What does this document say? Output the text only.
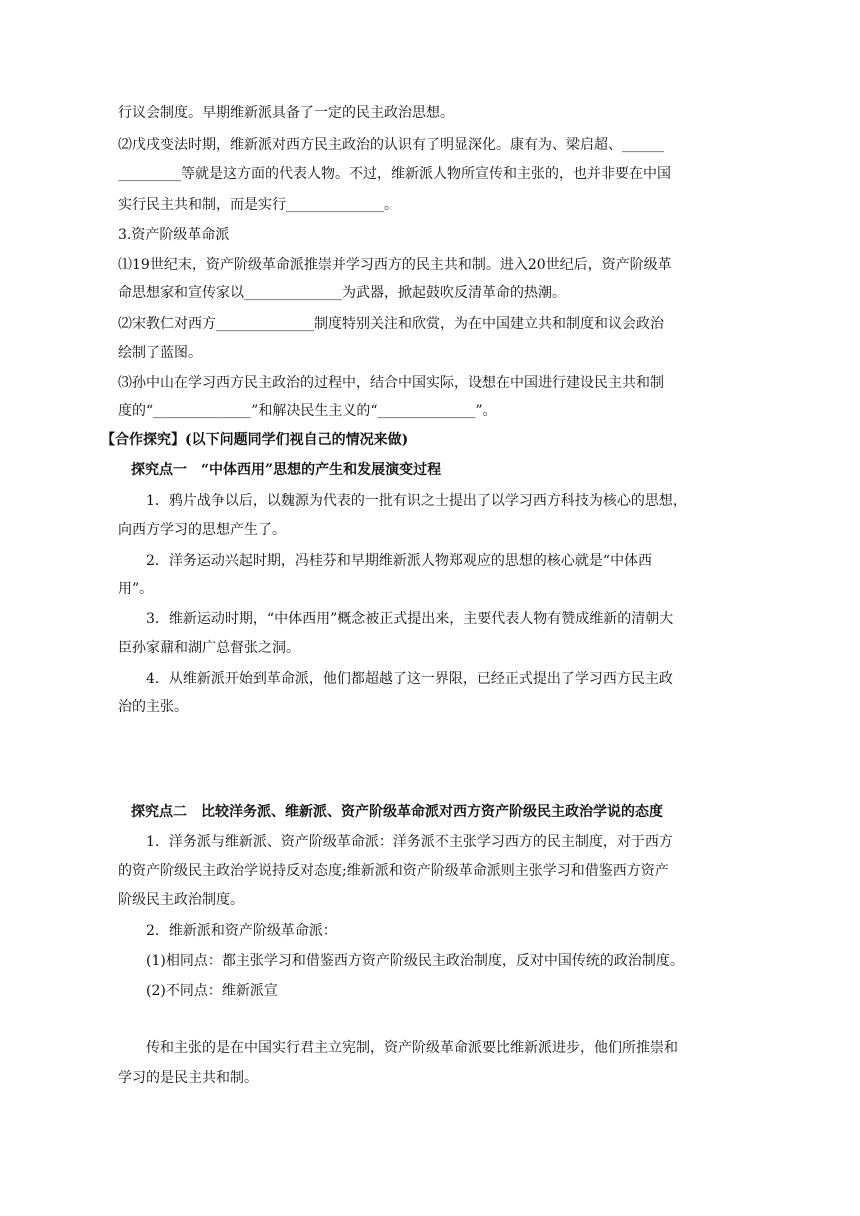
行议会制度。早期维新派具备了一定的民主政治思想。
⑵戊戌变法时期，维新派对西方民主政治的认识有了明显深化。康有为、梁启超、______
_________等就是这方面的代表人物。不过，维新派人物所宣传和主张的，也并非要在中国
实行民主共和制，而是实行______________。
3.资产阶级革命派
⑴19世纪末，资产阶级革命派推崇并学习西方的民主共和制。进入20世纪后，资产阶级革
命思想家和宣传家以______________为武器，掀起鼓吹反清革命的热潮。
⑵宋教仁对西方______________制度特别关注和欣赏，为在中国建立共和制度和议会政治
绘制了蓝图。
⑶孙中山在学习西方民主政治的过程中，结合中国实际，设想在中国进行建设民主共和制
度的“______________”和解决民生主义的“______________”。
【合作探究】(以下问题同学们视自己的情况来做)
探究点一　“中体西用”思想的产生和发展演变过程
1．鸦片战争以后，以魏源为代表的一批有识之士提出了以学习西方科技为核心的思想，
向西方学习的思想产生了。
2．洋务运动兴起时期，冯桂芬和早期维新派人物郑观应的思想的核心就是“中体西
用”。
3．维新运动时期，“中体西用”概念被正式提出来，主要代表人物有赞成维新的清朝大
臣孙家鼐和湖广总督张之洞。
4．从维新派开始到革命派，他们都超越了这一界限，已经正式提出了学习西方民主政
治的主张。
探究点二　比较洋务派、维新派、资产阶级革命派对西方资产阶级民主政治学说的态度
1．洋务派与维新派、资产阶级革命派：洋务派不主张学习西方的民主制度，对于西方
的资产阶级民主政治学说持反对态度;维新派和资产阶级革命派则主张学习和借鉴西方资产
阶级民主政治制度。
2．维新派和资产阶级革命派：
(1)相同点：都主张学习和借鉴西方资产阶级民主政治制度，反对中国传统的政治制度。
(2)不同点：维新派宣
传和主张的是在中国实行君主立宪制，资产阶级革命派要比维新派进步，他们所推崇和
学习的是民主共和制。
